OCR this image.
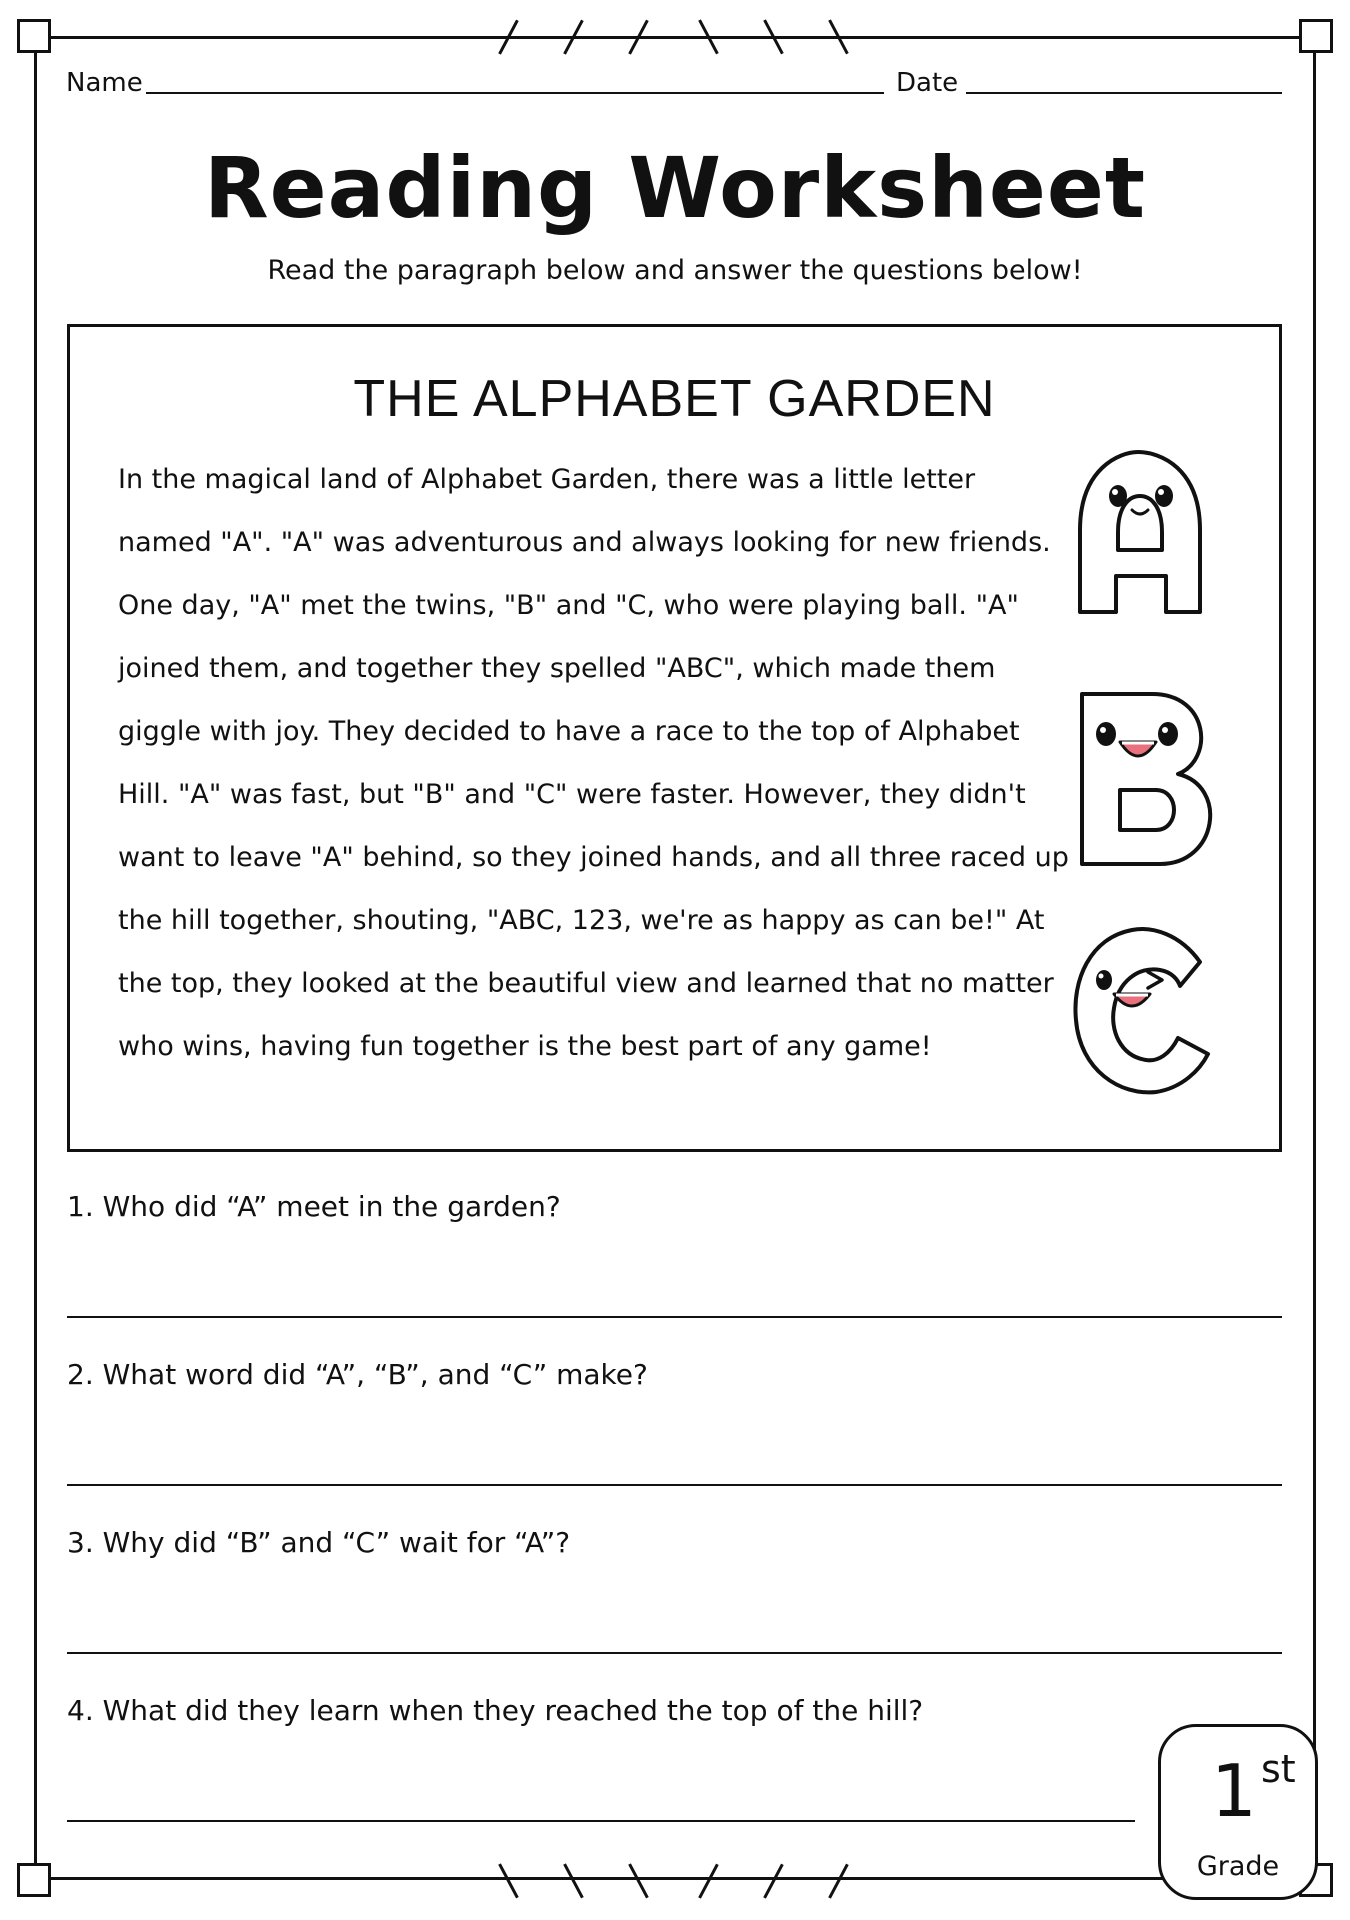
Name	Date
Reading Worksheet
Read the paragraph below and answer the questions below!
THE ALPHABET GARDEN
In the magical land of Alphabet Garden, there was a little letter
named "A". "A" was adventurous and always looking for new friends.
One day, "A" met the twins, "B" and "C, who were playing ball. "A"
joined them, and together they spelled "ABC", which made them
giggle with joy. They decided to have a race to the top of Alphabet
Hill. "A" was fast, but "B" and "C" were faster. However, they didn't
want to leave "A" behind, so they joined hands, and all three raced up
the hill together, shouting, "ABC, 123, we're as happy as can be!" At
the top, they looked at the beautiful view and learned that no matter
who wins, having fun together is the best part of any game!
1. Who did “A” meet in the garden?
2. What word did “A”, “B”, and “C” make?
3. Why did “B” and “C” wait for “A”?
4. What did they learn when they reached the top of the hill?
1 st
Grade
